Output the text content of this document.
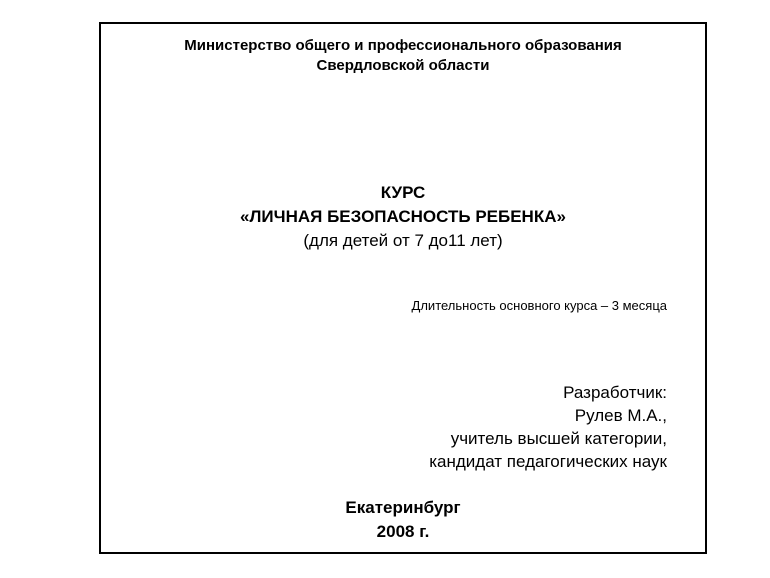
Министерство общего и профессионального образования
Свердловской области
КУРС
«ЛИЧНАЯ БЕЗОПАСНОСТЬ РЕБЕНКА»
(для детей от 7 до11 лет)
Длительность основного курса – 3 месяца
Разработчик:
Рулев М.А.,
учитель высшей категории,
кандидат педагогических наук
Екатеринбург
2008 г.
